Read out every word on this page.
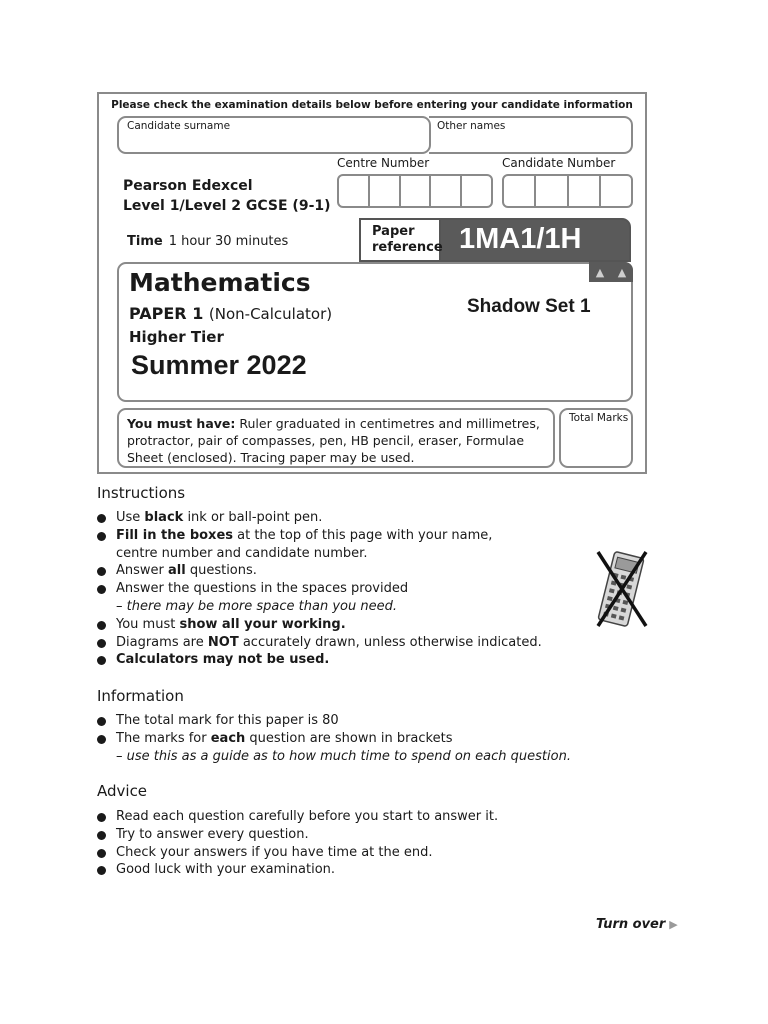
Please check the examination details below before entering your candidate information
Candidate surname	Other names
Centre Number	Candidate Number
Pearson Edexcel
Level 1/Level 2 GCSE (9-1)
Time 1 hour 30 minutes
Paper
reference 1MA1/1H
▲ ▲
Mathematics
PAPER 1 (Non-Calculator)
Higher Tier
Summer 2022
Shadow Set 1
You must have: Ruler graduated in centimetres and millimetres, protractor, pair of compasses, pen, HB pencil, eraser, Formulae Sheet (enclosed). Tracing paper may be used.
Total Marks
Instructions
Use black ink or ball-point pen.
Fill in the boxes at the top of this page with your name,
centre number and candidate number.
Answer all questions.
Answer the questions in the spaces provided
– there may be more space than you need.
You must show all your working.
Diagrams are NOT accurately drawn, unless otherwise indicated.
Calculators may not be used.
Information
The total mark for this paper is 80
The marks for each question are shown in brackets
– use this as a guide as to how much time to spend on each question.
Advice
Read each question carefully before you start to answer it.
Try to answer every question.
Check your answers if you have time at the end.
Good luck with your examination.
Turn over ▶
